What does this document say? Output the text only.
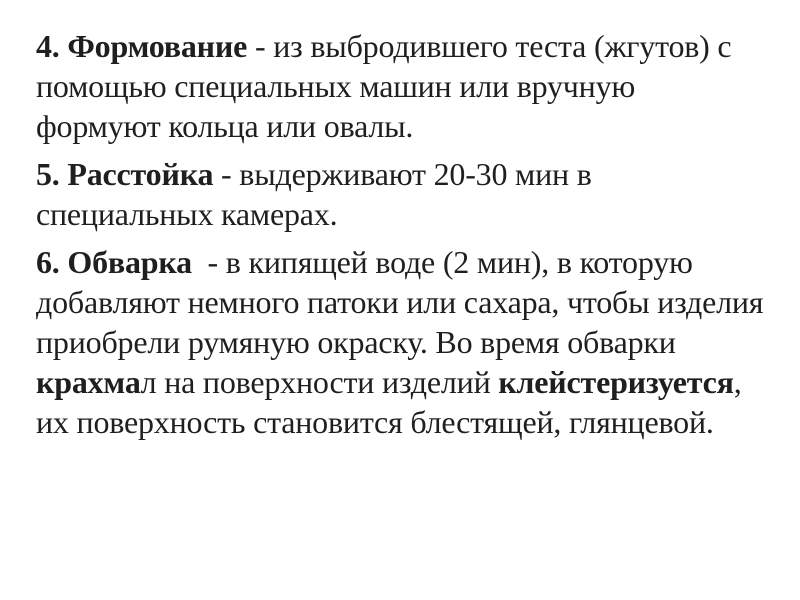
4. Формование - из выбродившего теста (жгутов) с помощью специальных машин или вручную формуют кольца или овалы.

5. Расстойка - выдерживают 20-30 мин в специальных камерах.

6. Обварка  - в кипящей воде (2 мин), в которую добавляют немного патоки или сахара, чтобы изделия приобрели румяную окраску. Во время обварки крахмал на поверхности изделий клейстеризуется, их поверхность становится блестящей, глянцевой.
